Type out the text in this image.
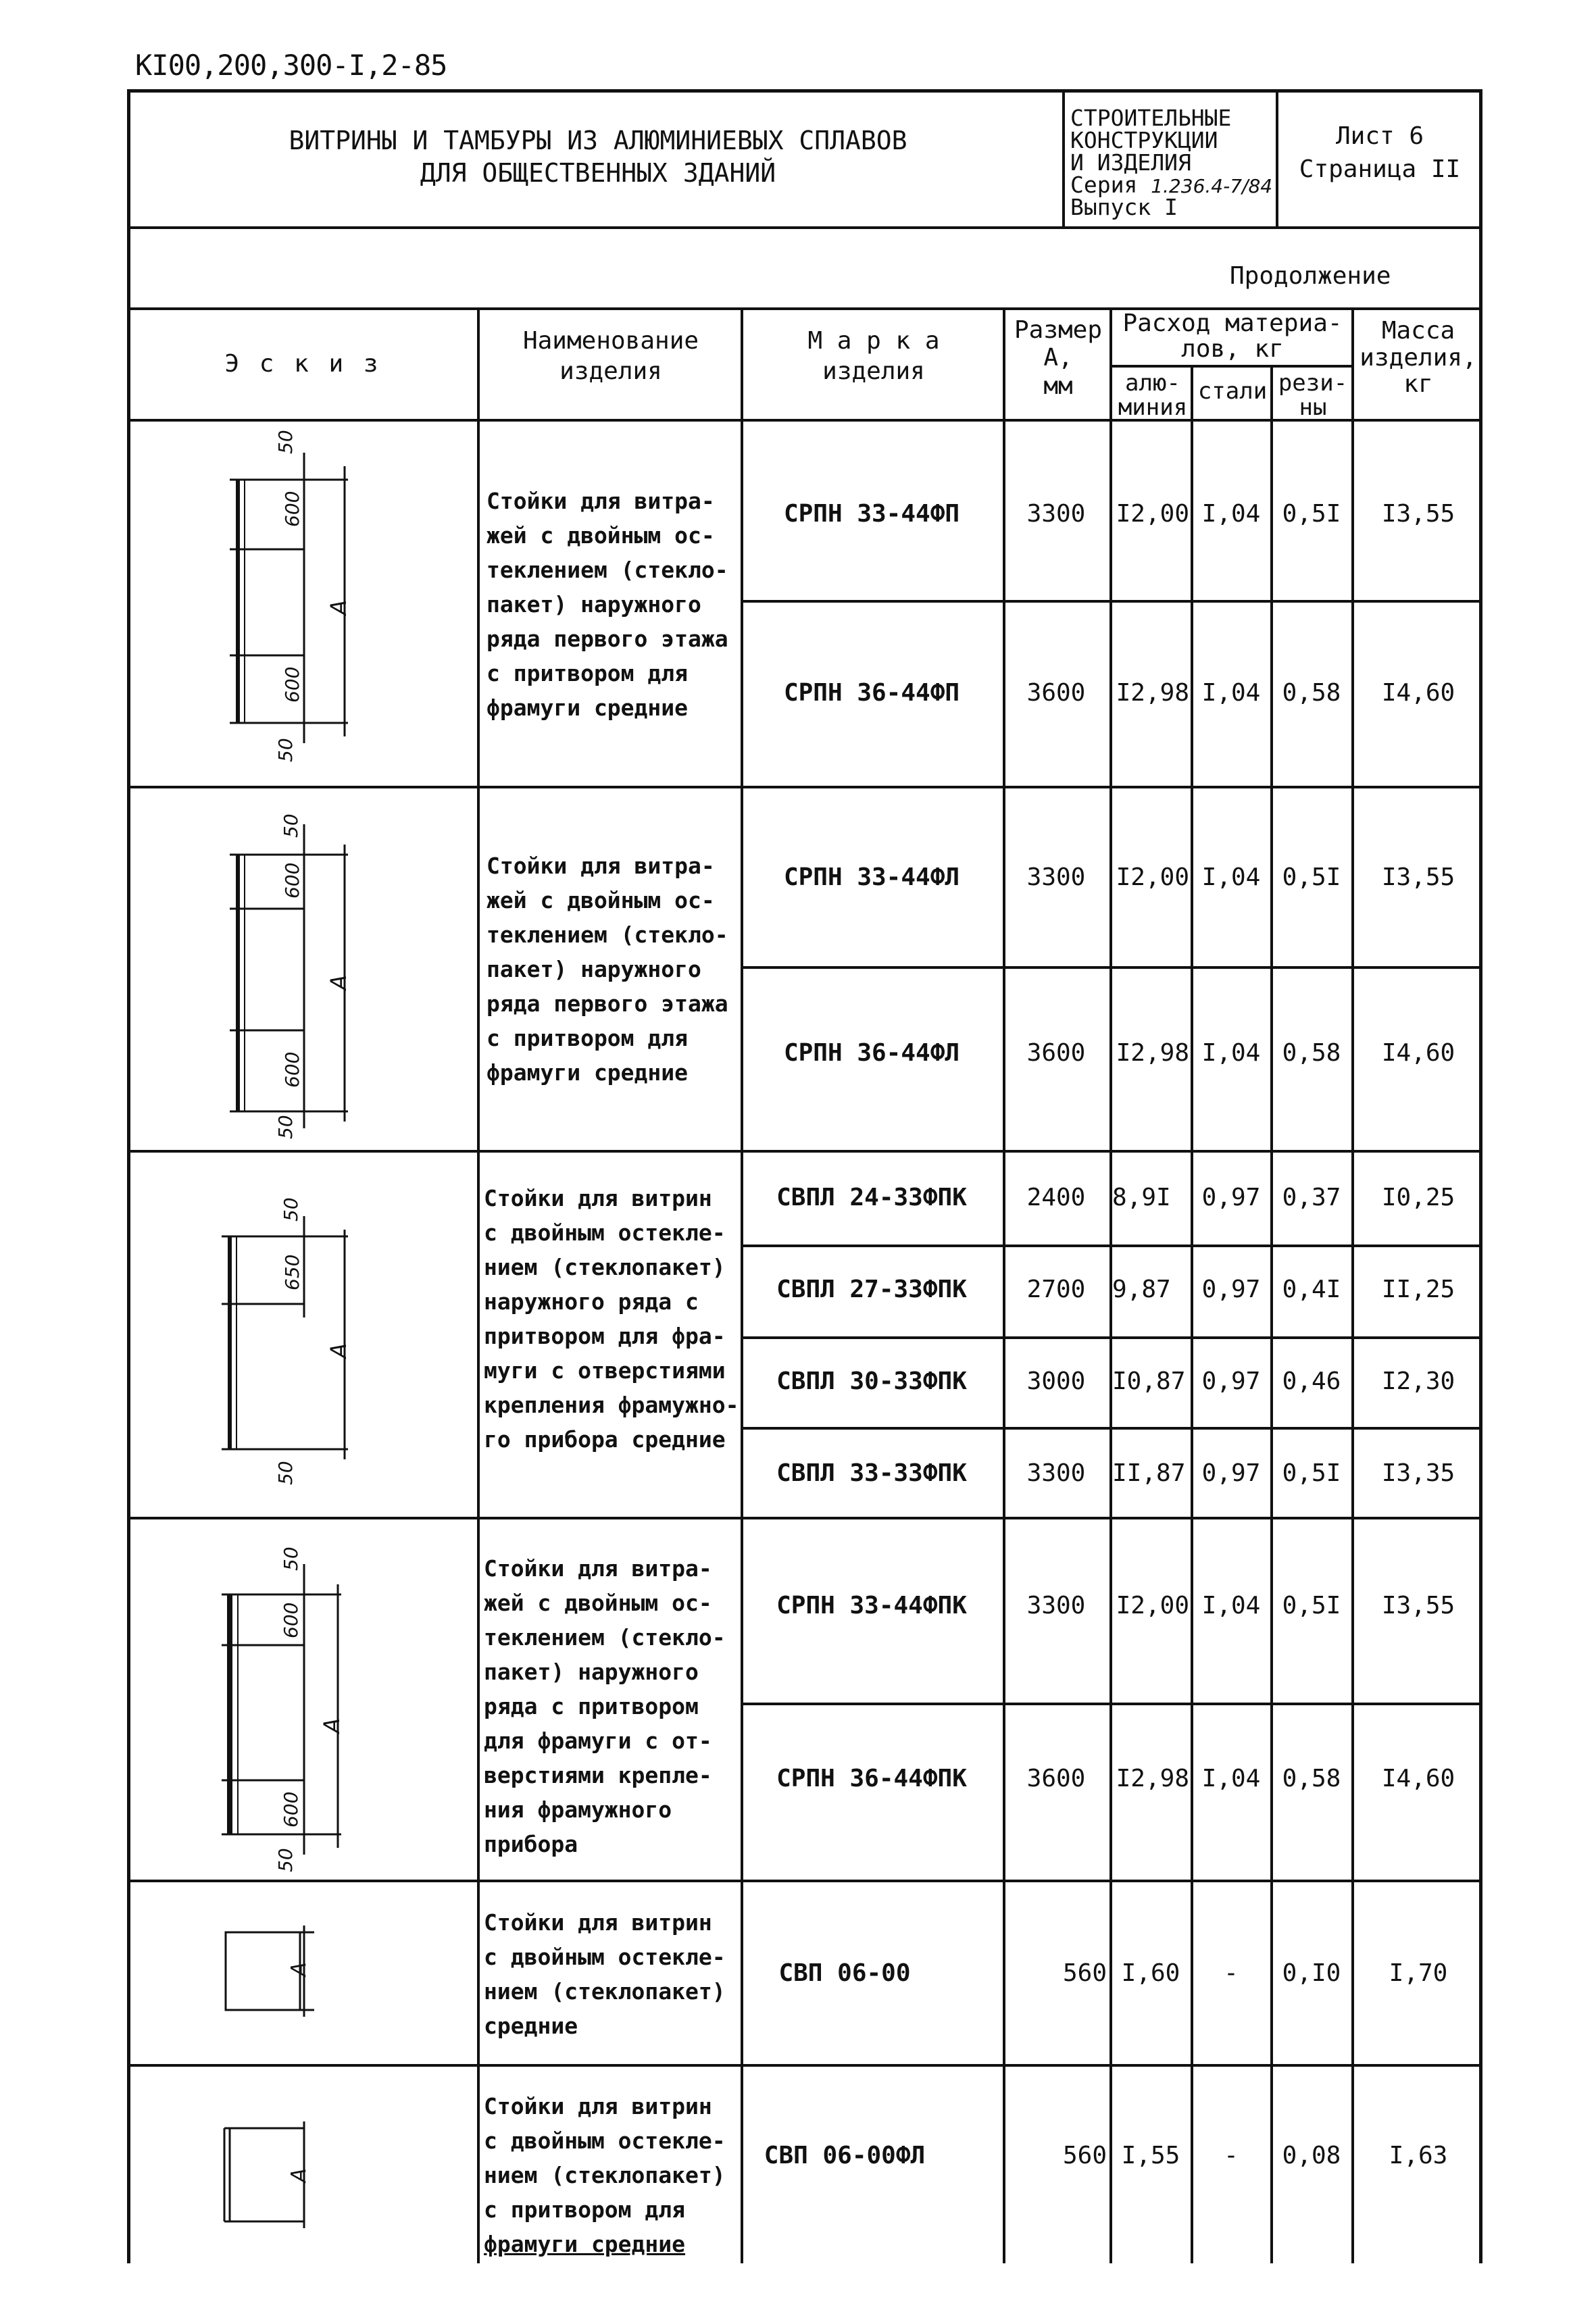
КI00,200,300-I,2-85
ВИТРИНЫ И ТАМБУРЫ ИЗ АЛЮМИНИЕВЫХ СПЛАВОВ
ДЛЯ ОБЩЕСТВЕННЫХ ЗДАНИЙ
СТРОИТЕЛЬНЫЕ
КОНСТРУКЦИИ
И ИЗДЕЛИЯ
Серия 1.236.4-7/84
Выпуск I
Лист 6
Страница II
Продолжение
Э с к и з
Наименование
изделия
М а р к а
изделия
Размер
А,
мм
Расход материа-
лов, кг
алю-
миния
стали рези-
ны
Масса
изделия,
кг
50
600
600
50
А
Стойки для витра-
жей с двойным ос-
теклением (стекло-
пакет) наружного
ряда первого этажа
с притвором для
фрамуги средние
СРПН 33-44ФП	3300	I2,00 I,04 0,5I	I3,55
СРПН 36-44ФП	3600	I2,98 I,04 0,58	I4,60
50
600
600
50
А
Стойки для витра-
жей с двойным ос-
теклением (стекло-
пакет) наружного
ряда первого этажа
с притвором для
фрамуги средние
СРПН 33-44ФЛ	3300	I2,00 I,04 0,5I	I3,55
СРПН 36-44ФЛ	3600	I2,98 I,04 0,58	I4,60
50
650
50
А
Стойки для витрин
с двойным остекле-
нием (стеклопакет)
наружного ряда с
притвором для фра-
муги с отверстиями
крепления фрамужно-
го прибора средние
СВПЛ 24-33ФПК	2400	8,9I	0,97 0,37	I0,25
СВПЛ 27-33ФПК	2700	9,87	0,97 0,4I	II,25
СВПЛ 30-33ФПК	3000	I0,87 0,97 0,46	I2,30
СВПЛ 33-33ФПК	3300	II,87 0,97 0,5I	I3,35
50
600
600
50
А
Стойки для витра-
жей с двойным ос-
теклением (стекло-
пакет) наружного
ряда с притвором
для фрамуги с от-
верстиями крепле-
ния фрамужного
прибора
СРПН 33-44ФПК	3300	I2,00 I,04 0,5I	I3,55
СРПН 36-44ФПК	3600	I2,98 I,04 0,58	I4,60
А
Стойки для витрин
с двойным остекле-
нием (стеклопакет)
средние
СВП 06-00	560 I,60	-	0,I0	I,70
А
Стойки для витрин
с двойным остекле-
нием (стеклопакет)
с притвором для
фрамуги средние
СВП 06-00ФЛ	560 I,55	-	0,08	I,63
